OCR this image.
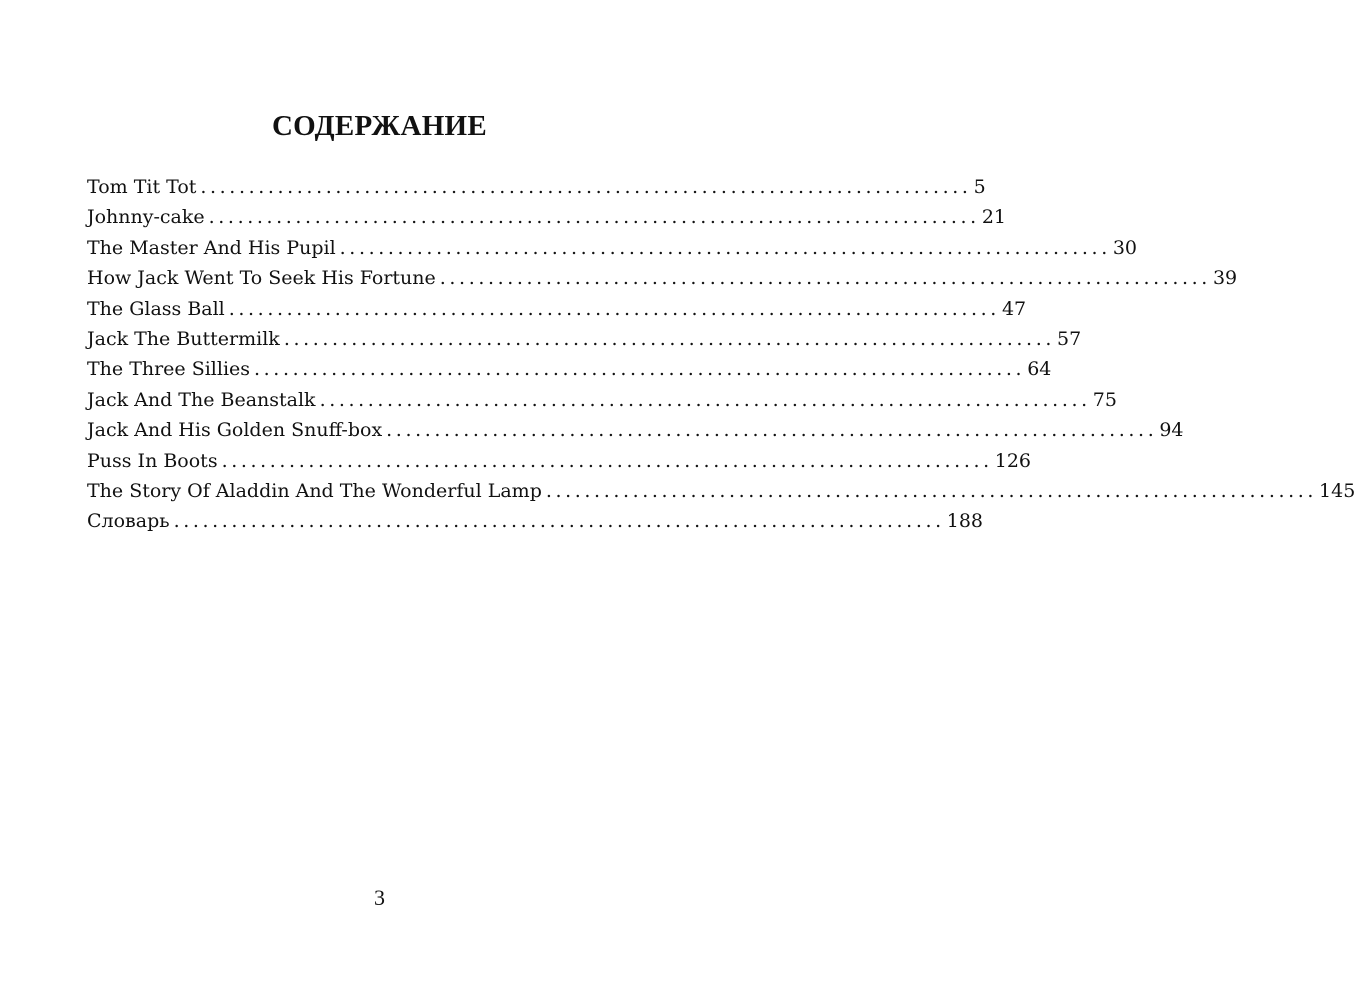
СОДЕРЖАНИЕ
Tom Tit Tot ................................................................................ 5
Johnny-cake ................................................................................ 21
The Master And His Pupil ................................................................................ 30
How Jack Went To Seek His Fortune ................................................................................ 39
The Glass Ball ................................................................................ 47
Jack The Buttermilk ................................................................................ 57
The Three Sillies ................................................................................ 64
Jack And The Beanstalk ................................................................................ 75
Jack And His Golden Snuff-box ................................................................................ 94
Puss In Boots ................................................................................ 126
The Story Of Aladdin And The Wonderful Lamp ................................................................................ 145
Словарь ................................................................................ 188
3
